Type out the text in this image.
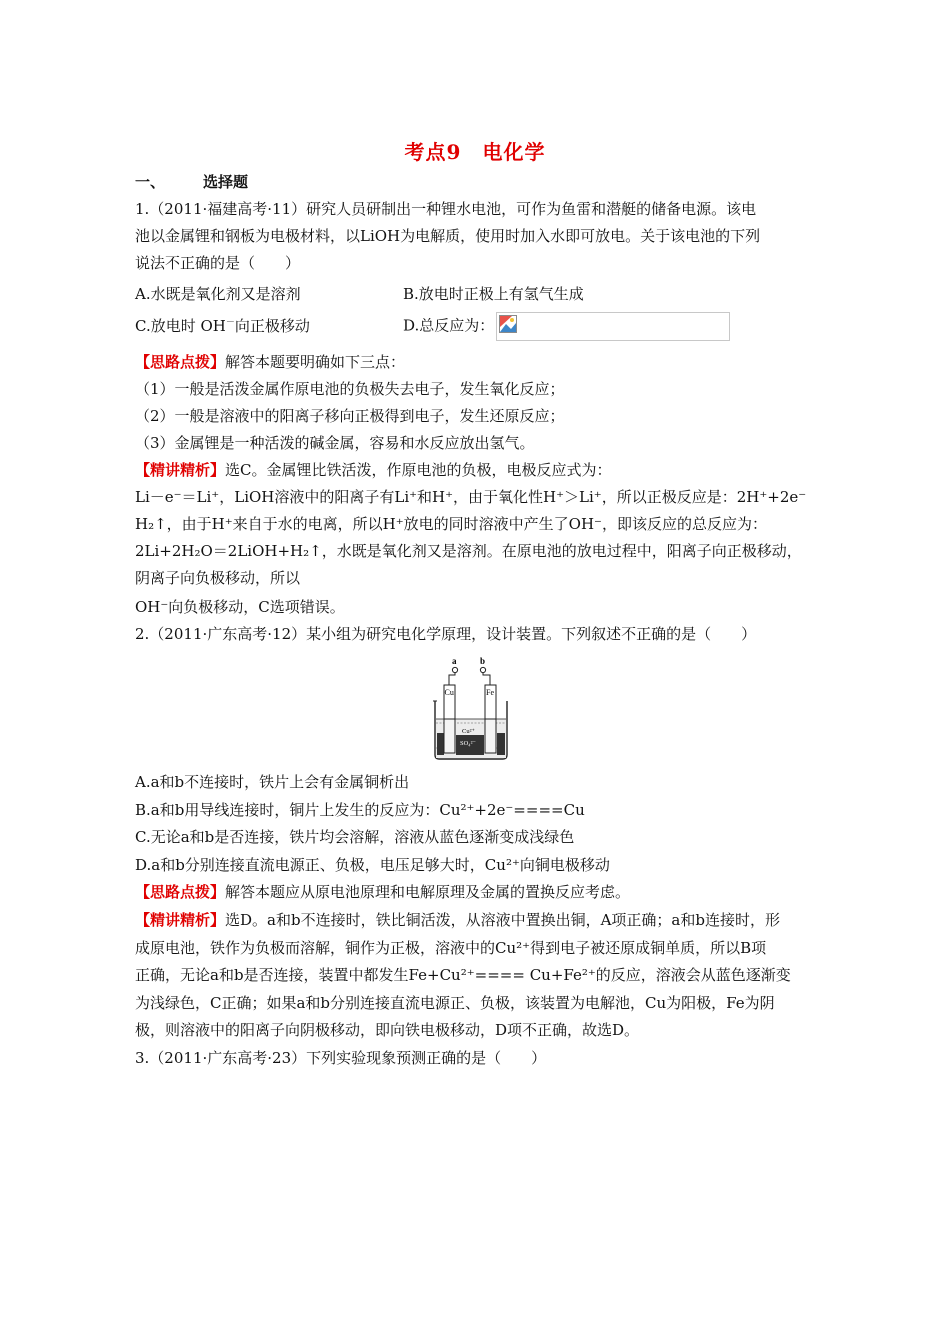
考点9　电化学
一、	选择题
1.（2011·福建高考·11）研究人员研制出一种锂水电池，可作为鱼雷和潜艇的储备电源。该电
池以金属锂和钢板为电极材料，以LiOH为电解质，使用时加入水即可放电。关于该电池的下列
说法不正确的是（　　）
A.水既是氧化剂又是溶剂	B.放电时正极上有氢气生成
C.放电时 OH－向正极移动	D.总反应为：
【思路点拨】解答本题要明确如下三点：
（1）一般是活泼金属作原电池的负极失去电子，发生氧化反应；
（2）一般是溶液中的阳离子移向正极得到电子，发生还原反应；
（3）金属锂是一种活泼的碱金属，容易和水反应放出氢气。
【精讲精析】选C。金属锂比铁活泼，作原电池的负极，电极反应式为：
Li－e⁻＝Li⁺，LiOH溶液中的阳离子有Li⁺和H⁺，由于氧化性H⁺＞Li⁺，所以正极反应是：2H⁺+2e⁻
H₂↑，由于H⁺来自于水的电离，所以H⁺放电的同时溶液中产生了OH⁻，即该反应的总反应为：
2Li+2H₂O＝2LiOH+H₂↑，水既是氧化剂又是溶剂。在原电池的放电过程中，阳离子向正极移动，
阴离子向负极移动，所以
OH⁻向负极移动，C选项错误。
2.（2011·广东高考·12）某小组为研究电化学原理，设计装置。下列叙述不正确的是（　　）
a	b
Cu	Fe
Cu²⁺
SO₄²⁻
A.a和b不连接时，铁片上会有金属铜析出
B.a和b用导线连接时，铜片上发生的反应为：Cu²⁺+2e⁻====Cu
C.无论a和b是否连接，铁片均会溶解，溶液从蓝色逐渐变成浅绿色
D.a和b分别连接直流电源正、负极，电压足够大时，Cu²⁺向铜电极移动
【思路点拨】解答本题应从原电池原理和电解原理及金属的置换反应考虑。
【精讲精析】选D。a和b不连接时，铁比铜活泼，从溶液中置换出铜，A项正确；a和b连接时，形
成原电池，铁作为负极而溶解，铜作为正极，溶液中的Cu²⁺得到电子被还原成铜单质，所以B项
正确，无论a和b是否连接，装置中都发生Fe+Cu²⁺==== Cu+Fe²⁺的反应，溶液会从蓝色逐渐变
为浅绿色，C正确；如果a和b分别连接直流电源正、负极，该装置为电解池，Cu为阳极，Fe为阴
极，则溶液中的阳离子向阴极移动，即向铁电极移动，D项不正确，故选D。
3.（2011·广东高考·23）下列实验现象预测正确的是（　　）
